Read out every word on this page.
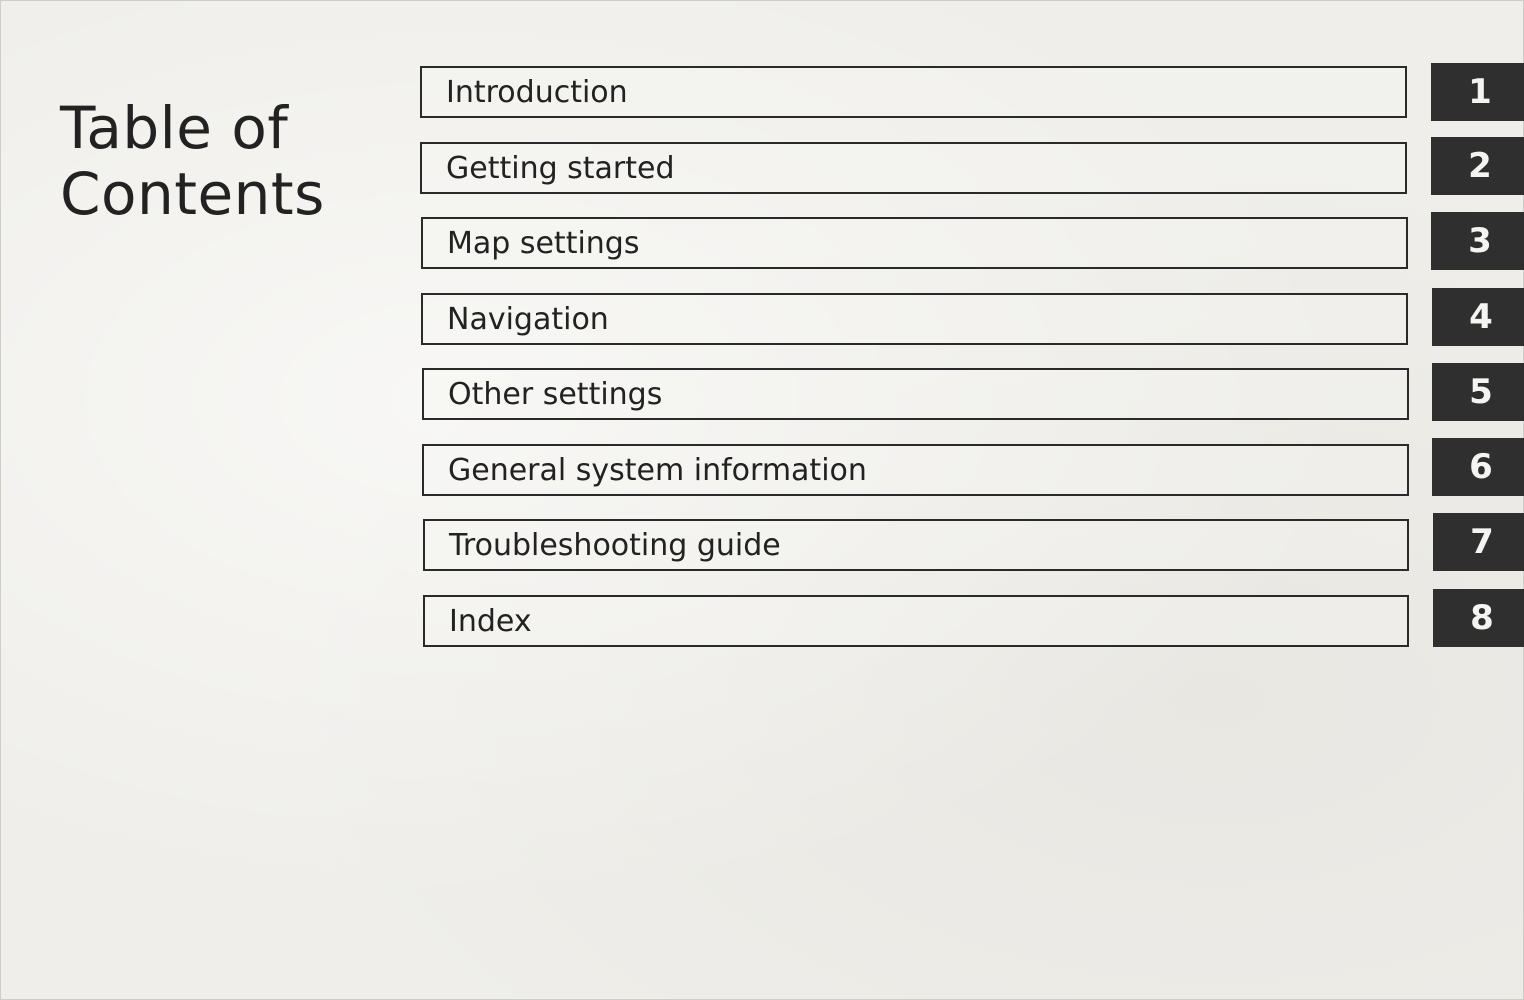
Table of
Contents
Introduction	1
Getting started	2
Map settings	3
Navigation	4
Other settings	5
General system information	6
Troubleshooting guide	7
Index	8
